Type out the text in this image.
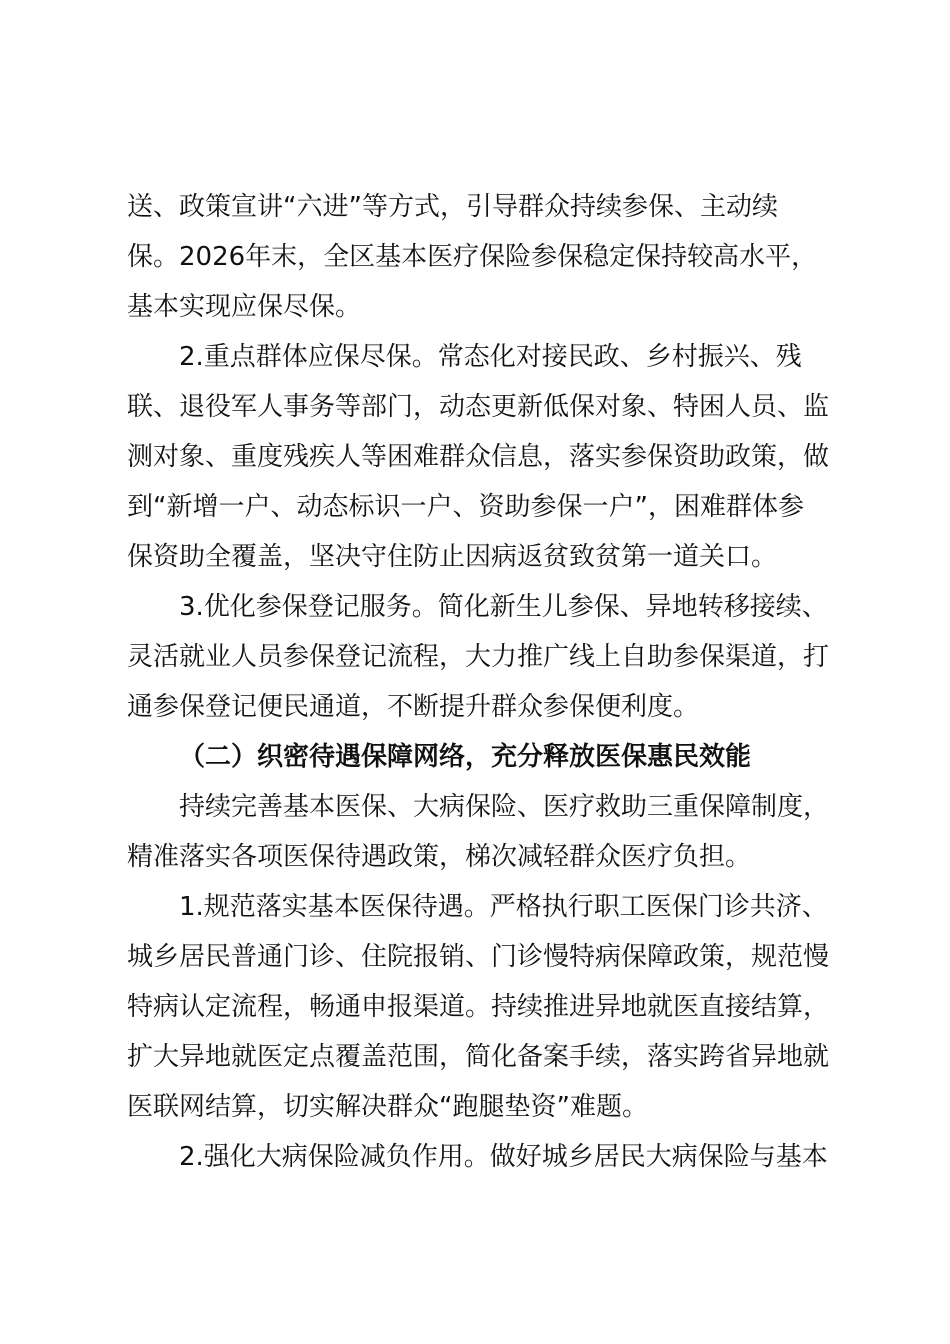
送、政策宣讲“六进”等方式，引导群众持续参保、主动续
保。2026年末，全区基本医疗保险参保稳定保持较高水平，
基本实现应保尽保。
2.重点群体应保尽保。常态化对接民政、乡村振兴、残
联、退役军人事务等部门，动态更新低保对象、特困人员、监
测对象、重度残疾人等困难群众信息，落实参保资助政策，做
到“新增一户、动态标识一户、资助参保一户”，困难群体参
保资助全覆盖，坚决守住防止因病返贫致贫第一道关口。
3.优化参保登记服务。简化新生儿参保、异地转移接续、
灵活就业人员参保登记流程，大力推广线上自助参保渠道，打
通参保登记便民通道，不断提升群众参保便利度。
（二）织密待遇保障网络，充分释放医保惠民效能
持续完善基本医保、大病保险、医疗救助三重保障制度，
精准落实各项医保待遇政策，梯次减轻群众医疗负担。
1.规范落实基本医保待遇。严格执行职工医保门诊共济、
城乡居民普通门诊、住院报销、门诊慢特病保障政策，规范慢
特病认定流程，畅通申报渠道。持续推进异地就医直接结算，
扩大异地就医定点覆盖范围，简化备案手续，落实跨省异地就
医联网结算，切实解决群众“跑腿垫资”难题。
2.强化大病保险减负作用。做好城乡居民大病保险与基本
